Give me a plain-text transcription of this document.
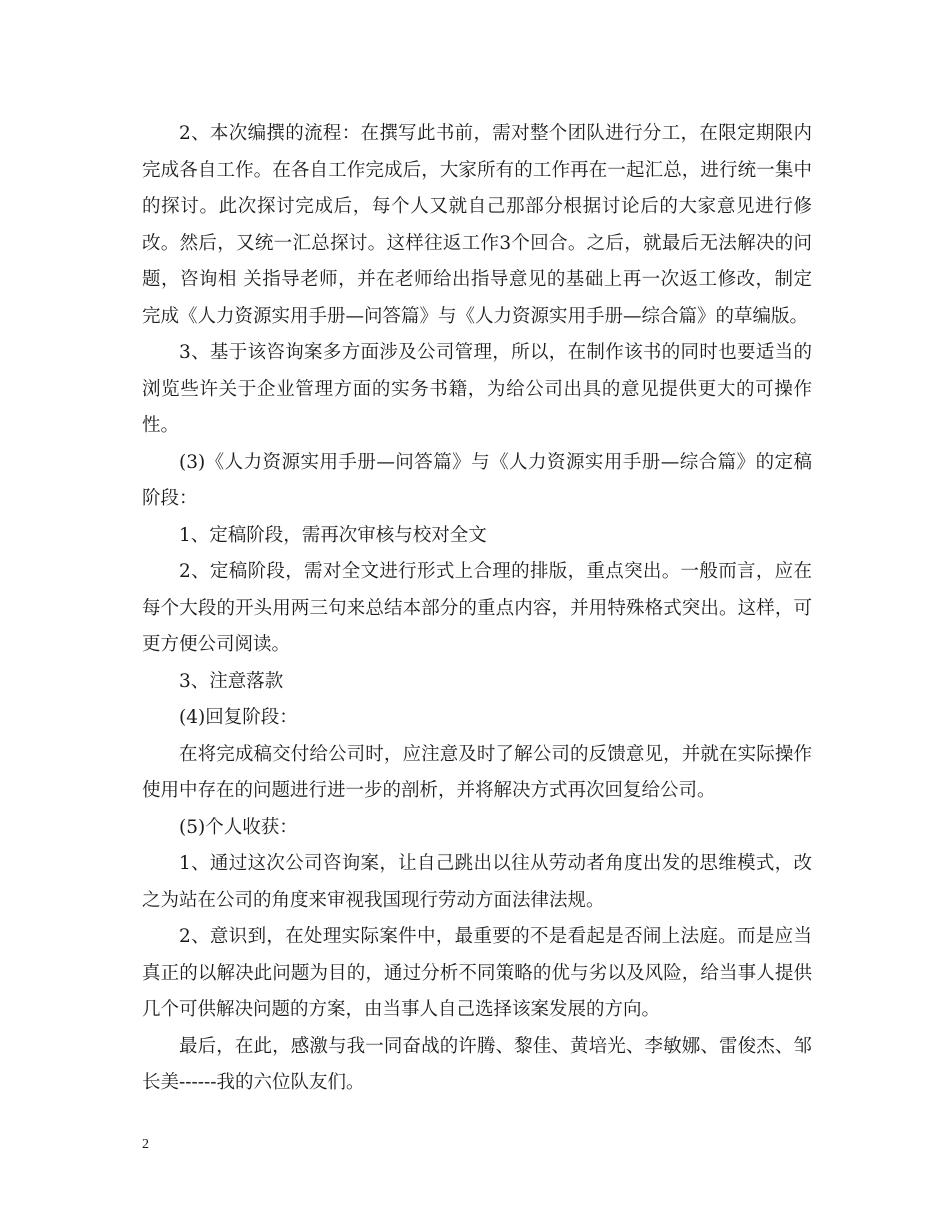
2、本次编撰的流程：在撰写此书前，需对整个团队进行分工，在限定期限内完成各自工作。在各自工作完成后，大家所有的工作再在一起汇总，进行统一集中的探讨。此次探讨完成后，每个人又就自己那部分根据讨论后的大家意见进行修改。然后，又统一汇总探讨。这样往返工作3个回合。之后，就最后无法解决的问题，咨询相 关指导老师，并在老师给出指导意见的基础上再一次返工修改，制定完成《人力资源实用手册—问答篇》与《人力资源实用手册—综合篇》的草编版。

3、基于该咨询案多方面涉及公司管理，所以，在制作该书的同时也要适当的浏览些许关于企业管理方面的实务书籍，为给公司出具的意见提供更大的可操作性。

(3)《人力资源实用手册—问答篇》与《人力资源实用手册—综合篇》的定稿阶段：

1、定稿阶段，需再次审核与校对全文

2、定稿阶段，需对全文进行形式上合理的排版，重点突出。一般而言，应在每个大段的开头用两三句来总结本部分的重点内容，并用特殊格式突出。这样，可更方便公司阅读。

3、注意落款

(4)回复阶段：

在将完成稿交付给公司时，应注意及时了解公司的反馈意见，并就在实际操作使用中存在的问题进行进一步的剖析，并将解决方式再次回复给公司。

(5)个人收获：

1、通过这次公司咨询案，让自己跳出以往从劳动者角度出发的思维模式，改之为站在公司的角度来审视我国现行劳动方面法律法规。

2、意识到，在处理实际案件中，最重要的不是看起是否闹上法庭。而是应当真正的以解决此问题为目的，通过分析不同策略的优与劣以及风险，给当事人提供几个可供解决问题的方案，由当事人自己选择该案发展的方向。

最后，在此，感激与我一同奋战的许腾、黎佳、黄培光、李敏娜、雷俊杰、邹长美------我的六位队友们。

2
